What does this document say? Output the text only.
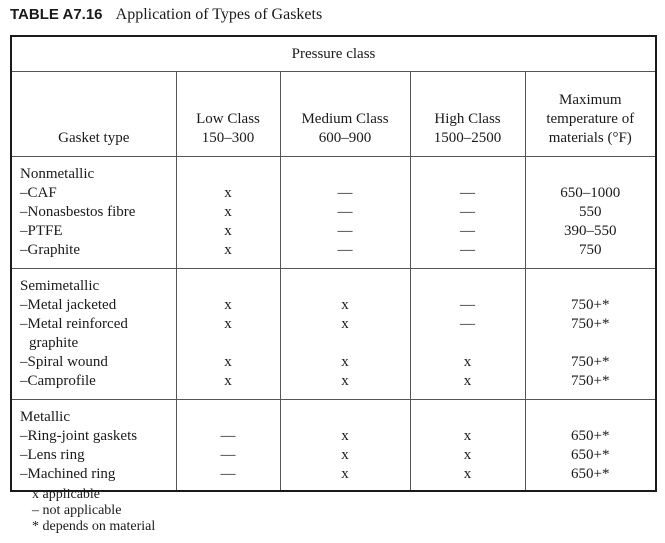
TABLE A7.16 Application of Types of Gaskets
Pressure class				

Gasket type

Low Class
150–300

Medium Class
600–900

High Class
1500–2500

Maximum
temperature of
materials (°F)

Nonmetallic				
–CAF	x	—	—	650–1000
–Nonasbestos fibre	x	—	—	550
–PTFE	x	—	—	390–550
–Graphite	x	—	—	750
Semimetallic				
–Metal jacketed	x	x	—	750+*
–Metal reinforced	x	x	—	750+*
graphite				
–Spiral wound	x	x	x	750+*
–Camprofile	x	x	x	750+*
Metallic				
–Ring-joint gaskets	—	x	x	650+*
–Lens ring	—	x	x	650+*
–Machined ring	—	x	x	650+*
x applicable
– not applicable
* depends on material
